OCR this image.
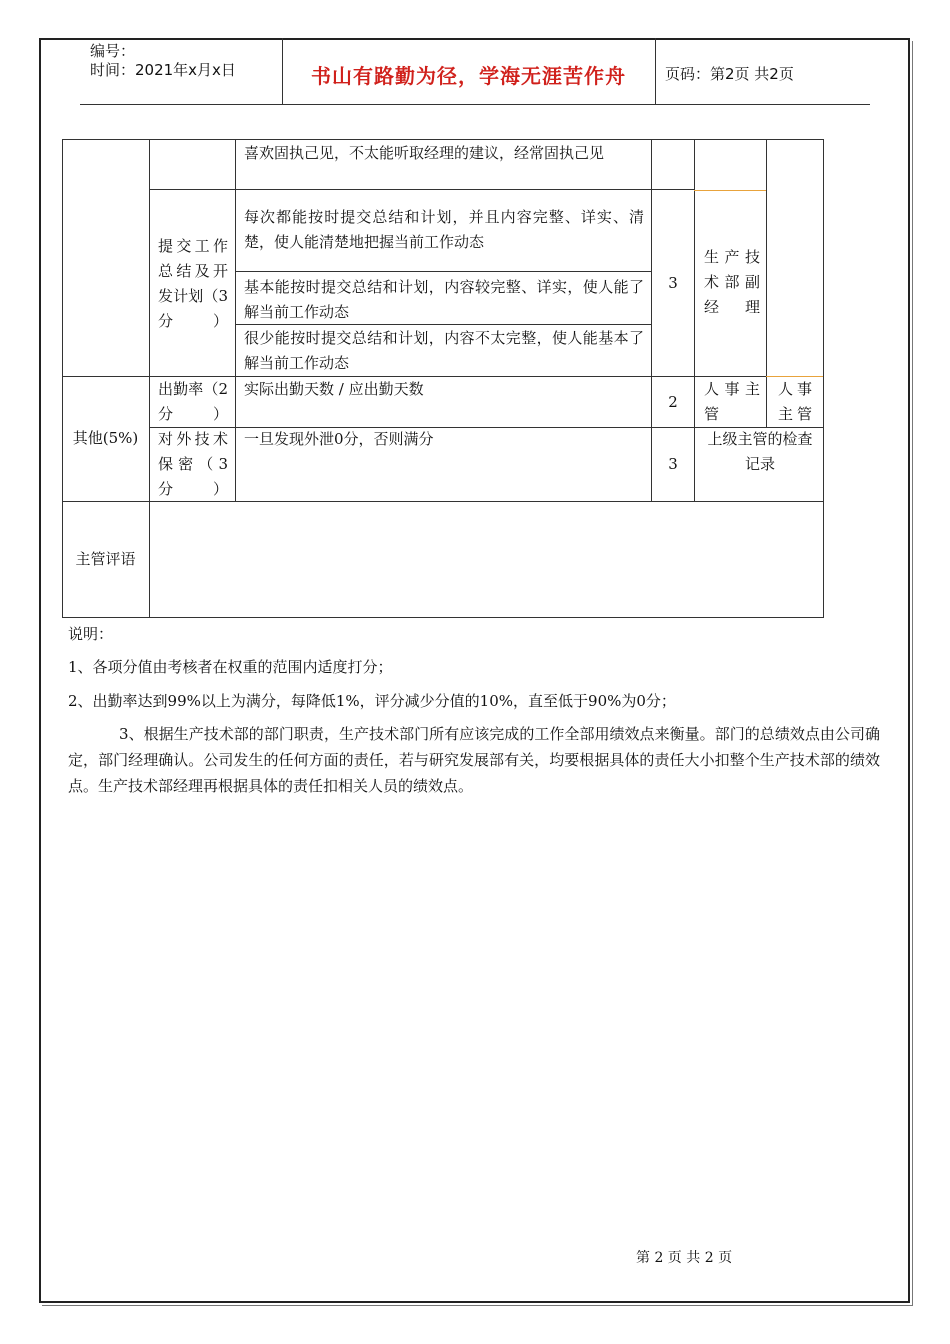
编号：
时间：2021年x月x日	书山有路勤为径，学海无涯苦作舟	页码：第2页 共2页
喜欢固执己见，不太能听取经理的建议，经常固执己见
提交工作总结及开发计划（3分）
每次都能按时提交总结和计划，并且内容完整、详实、清楚，使人能清楚地把握当前工作动态
基本能按时提交总结和计划，内容较完整、详实，使人能了解当前工作动态
很少能按时提交总结和计划，内容不太完整，使人能基本了解当前工作动态
3
生产技术部副经理
其他(5%)
出勤率（2分）
实际出勤天数 / 应出勤天数
2
人事主管
人事主管
对外技术保密（3分）
一旦发现外泄0分，否则满分
3
上级主管的检查记录
主管评语
说明：
1、各项分值由考核者在权重的范围内适度打分；
2、出勤率达到99%以上为满分，每降低1%，评分减少分值的10%，直至低于90%为0分；
3、根据生产技术部的部门职责，生产技术部门所有应该完成的工作全部用绩效点来衡量。部门的总绩效点由公司确定，部门经理确认。公司发生的任何方面的责任，若与研究发展部有关，均要根据具体的责任大小扣整个生产技术部的绩效点。生产技术部经理再根据具体的责任扣相关人员的绩效点。
第 2 页 共 2 页
